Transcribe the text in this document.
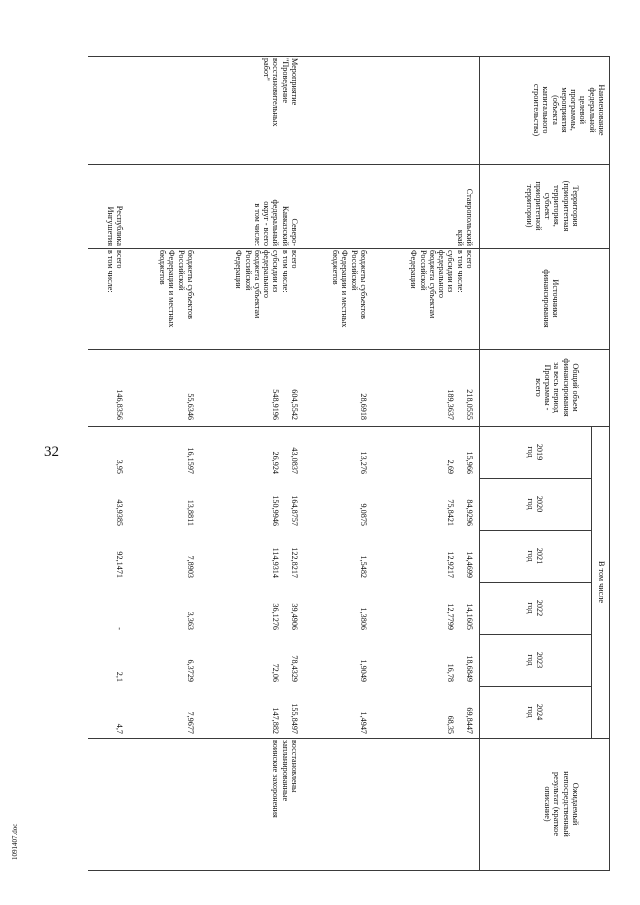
32
1091407.doc
Наименование
федеральной
целевой
программы,
мероприятия
(объекта
капитального
строительства)
Территория
(приоритетная
территория,
субъект
приоритетной
территории)
Источники
финансирования
Общий объем
финансирования
за весь период
Программы -
всего
В том числе
2019
год
2020
год
2021
год
2022
год
2023
год
2024
год
Ожидаемый
непосредственный
результат (краткое
описание)
Ставропольский
край
всего
в том числе:
субсидии из
федерального
бюджета субъектам
Российской
Федерации
218,0555

189,3637
15,966

2,69
84,9296

75,8421
14,4699

12,9217
14,1605

12,7799
18,6849

16,78
69,8447

68,35
бюджеты субъектов
Российской
Федерации и местных
бюджетов
28,6918
13,276
9,0875
1,5482
1,3806
1,9049
1,4947
Мероприятие
"Проведение
восстановительных
работ"
Северо-
Кавказский
федеральный
округ - всего
в том числе:
всего
в том числе:
субсидии из
федерального
бюджета субъектам
Российской
Федерации
604,5542

548,9196
43,0837

26,924
164,8757

150,9946
122,8217

114,9314
39,4906

36,1276
78,4329

72,06
155,8497

147,882
бюджеты субъектов
Российской
Федерации и местных
бюджетов
55,6346
16,1597
13,8811
7,8903
3,363
6,3729
7,9677
восстановлены
запланированные
воинские захоронения
Республика
Ингушетия
всего
в том числе:
146,8356
3,95
43,9385
92,1471
-
2,1
4,7
